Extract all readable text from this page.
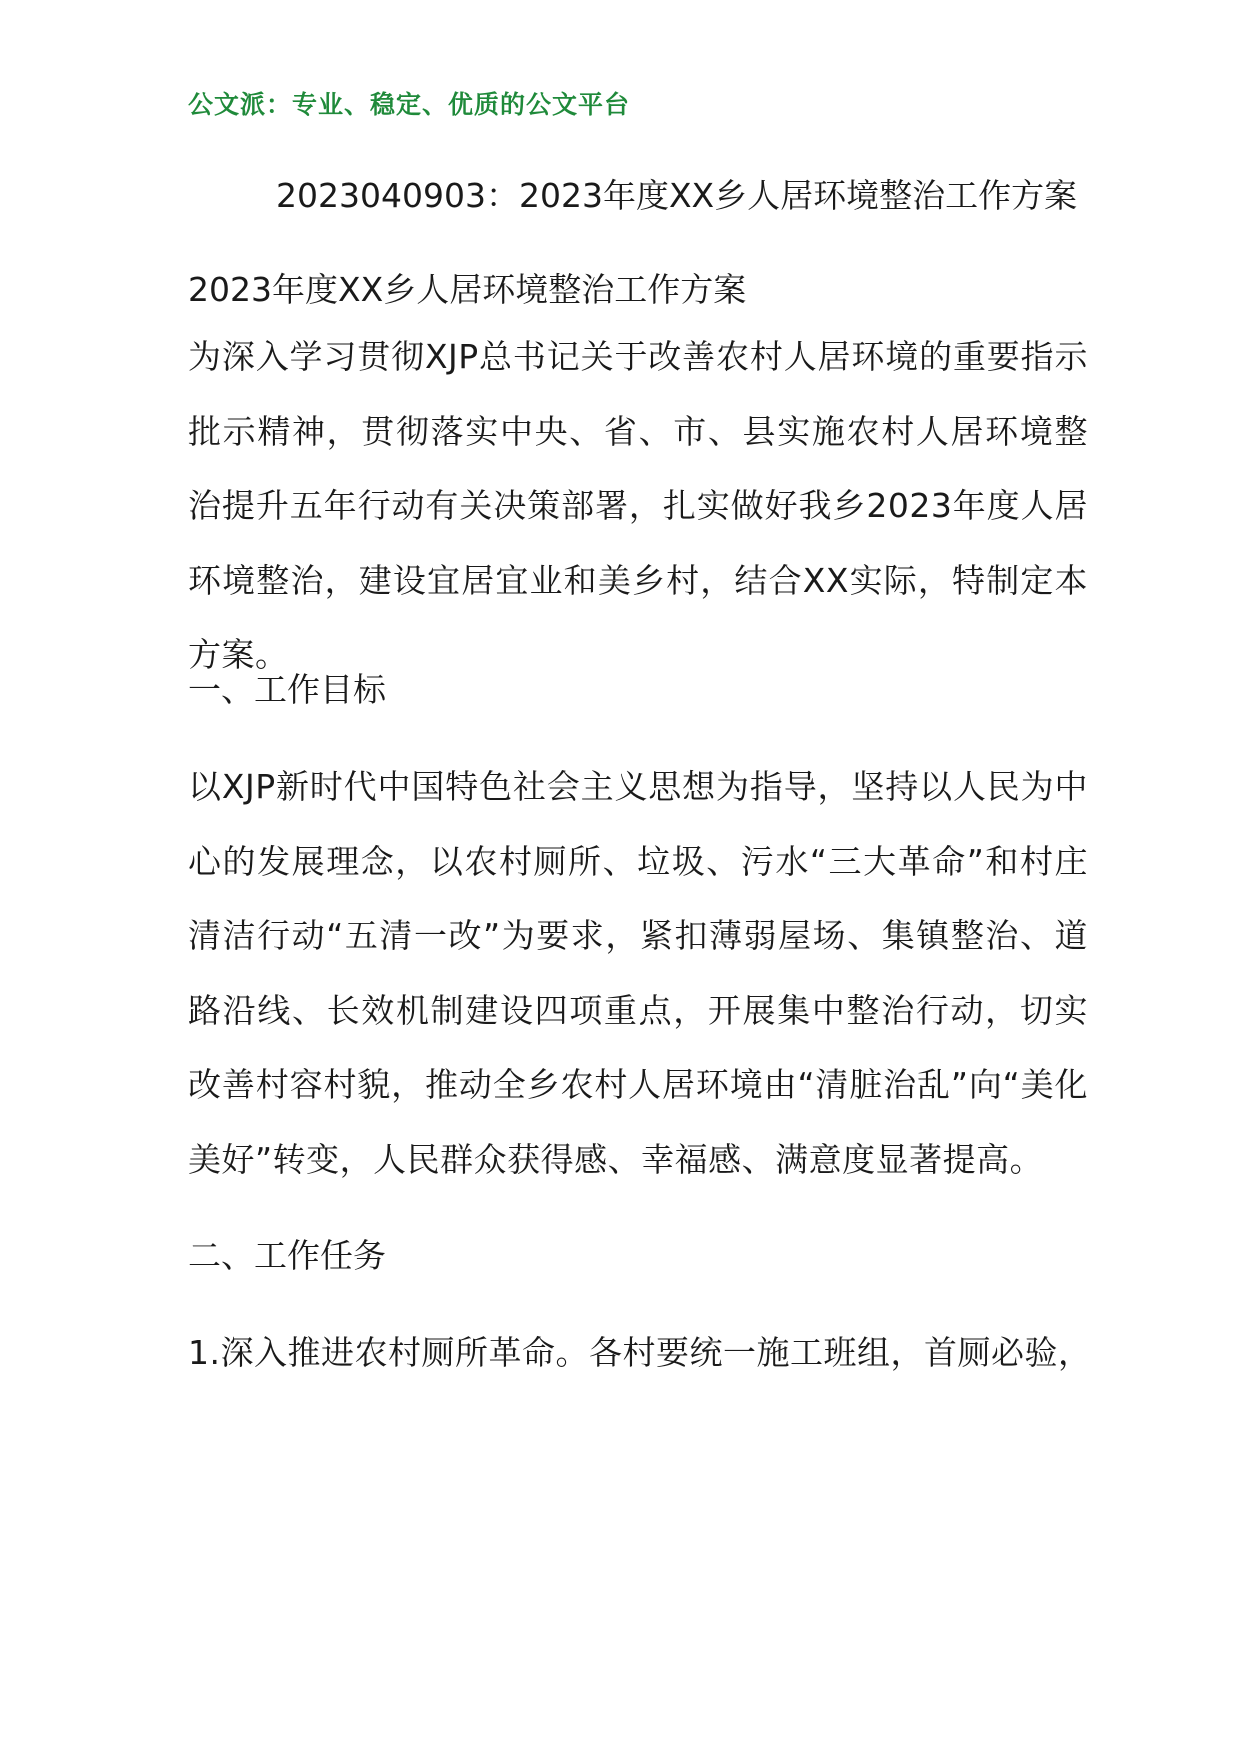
公文派：专业、稳定、优质的公文平台
2023040903：2023年度XX乡人居环境整治工作方案
2023年度XX乡人居环境整治工作方案

为深入学习贯彻XJP总书记关于改善农村人居环境的重要指示批示精神，贯彻落实中央、省、市、县实施农村人居环境整治提升五年行动有关决策部署，扎实做好我乡2023年度人居环境整治，建设宜居宜业和美乡村，结合XX实际，特制定本方案。

一、工作目标

以XJP新时代中国特色社会主义思想为指导，坚持以人民为中心的发展理念，以农村厕所、垃圾、污水“三大革命”和村庄清洁行动“五清一改”为要求，紧扣薄弱屋场、集镇整治、道路沿线、长效机制建设四项重点，开展集中整治行动，切实改善村容村貌，推动全乡农村人居环境由“清脏治乱”向“美化美好”转变，人民群众获得感、幸福感、满意度显著提高。

二、工作任务

1.深入推进农村厕所革命。各村要统一施工班组，首厕必验，
